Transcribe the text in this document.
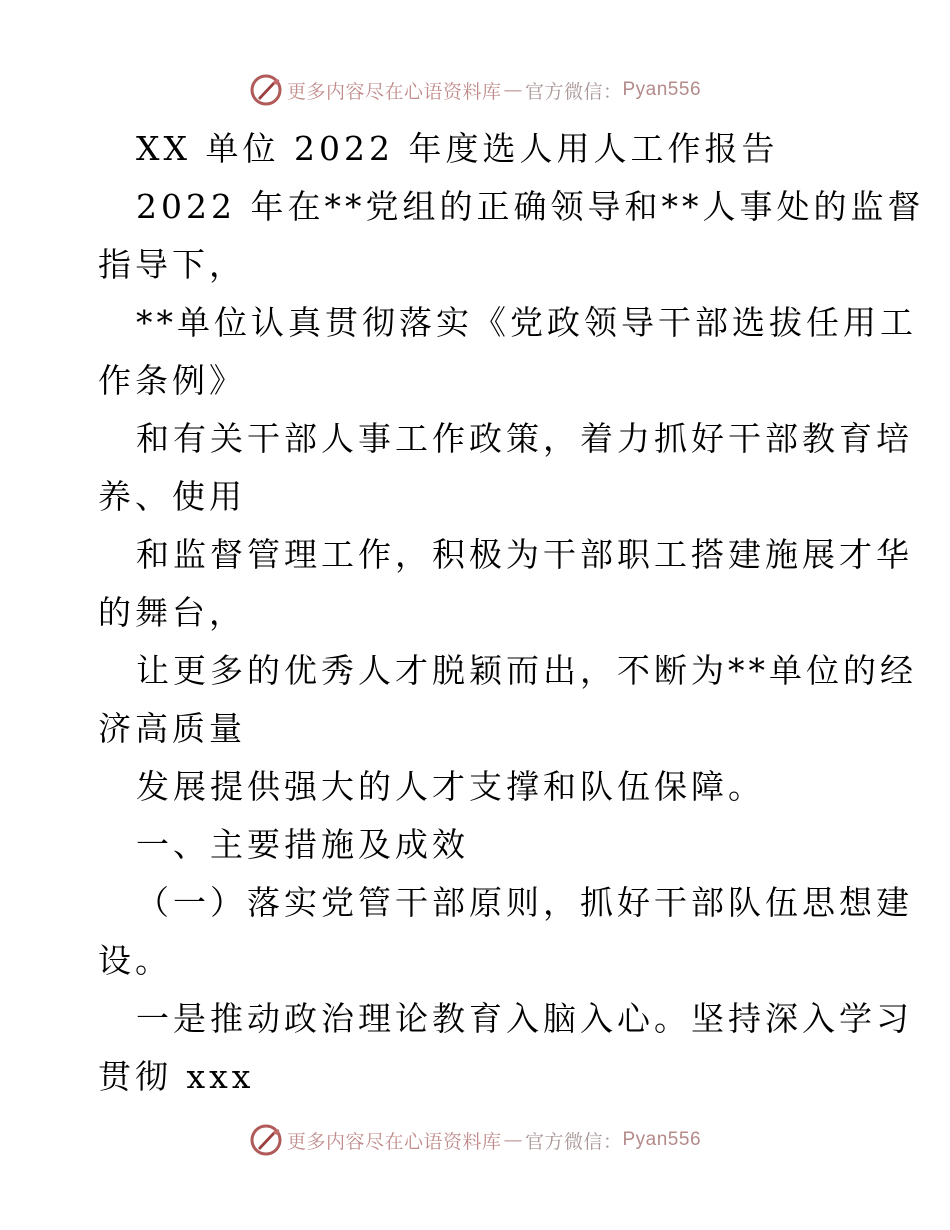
更多内容尽在心语资料库 — 官方微信： Pyan556

XX 单位 2022 年度选人用人工作报告

2022 年在**党组的正确领导和**人事处的监督

指导下，

**单位认真贯彻落实《党政领导干部选拔任用工

作条例》

和有关干部人事工作政策，着力抓好干部教育培

养、使用

和监督管理工作，积极为干部职工搭建施展才华

的舞台，

让更多的优秀人才脱颖而出，不断为**单位的经

济高质量

发展提供强大的人才支撑和队伍保障。

一、主要措施及成效

（一）落实党管干部原则，抓好干部队伍思想建

设。

一是推动政治理论教育入脑入心。坚持深入学习

贯彻 xxx

更多内容尽在心语资料库 — 官方微信： Pyan556
